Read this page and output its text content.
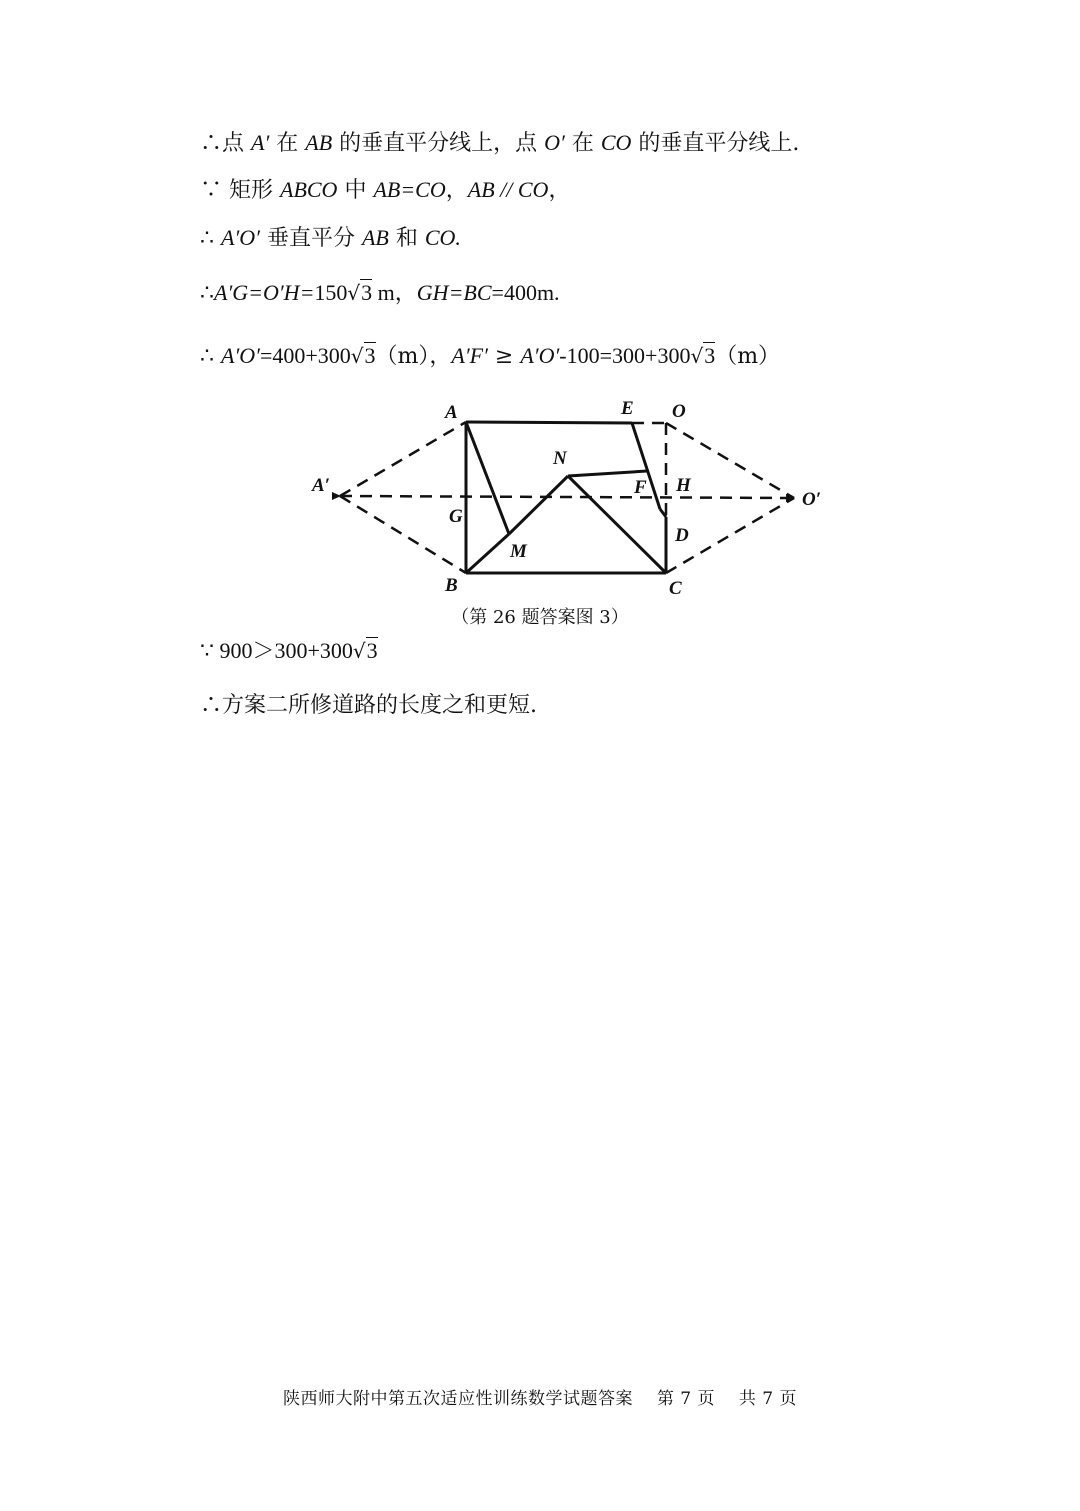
∴点 A′ 在 AB 的垂直平分线上，点 O′ 在 CO 的垂直平分线上.
∵ 矩形 ABCO 中 AB=CO，AB // CO，
∴ A′O′ 垂直平分 AB 和 CO.
∴A′G=O′H=150√3 m，GH=BC=400m.
∴ A′O′=400+300√3（m），A′F′ ≥ A′O′-100=300+300√3（m）
A	E O
N
F H
A′
O′
G
D
M
B	C
（第 26 题答案图 3）
∵ 900＞300+300√3
∴方案二所修道路的长度之和更短.
陕西师大附中第五次适应性训练数学试题答案 第 7 页 共 7 页
